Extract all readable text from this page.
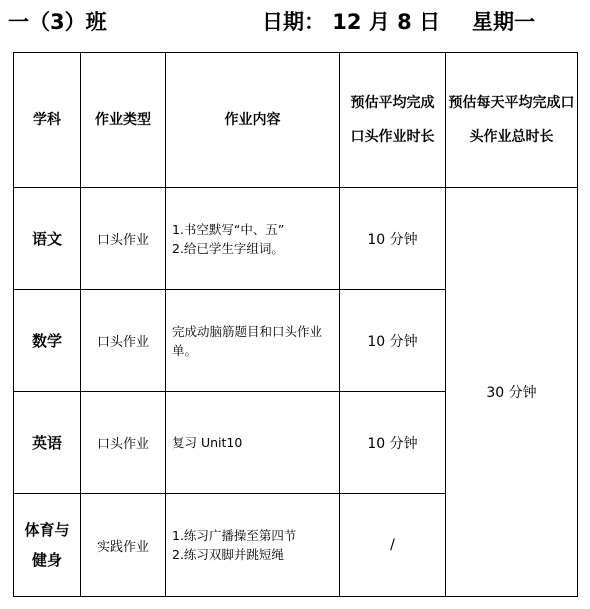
一（3）班	日期： 12 月 8 日 星期一
学科	作业类型	作业内容	预估平均完成口头作业时长	预估每天平均完成口头作业总时长
语文	口头作业	1.书空默写“中、五”
2.给已学生字组词。	10 分钟	30 分钟
数学	口头作业	完成动脑筋题目和口头作业单。	10 分钟	
英语	口头作业	复习 Unit10	10 分钟	
体育与健身	实践作业	1.练习广播操至第四节
2.练习双脚并跳短绳	/	
